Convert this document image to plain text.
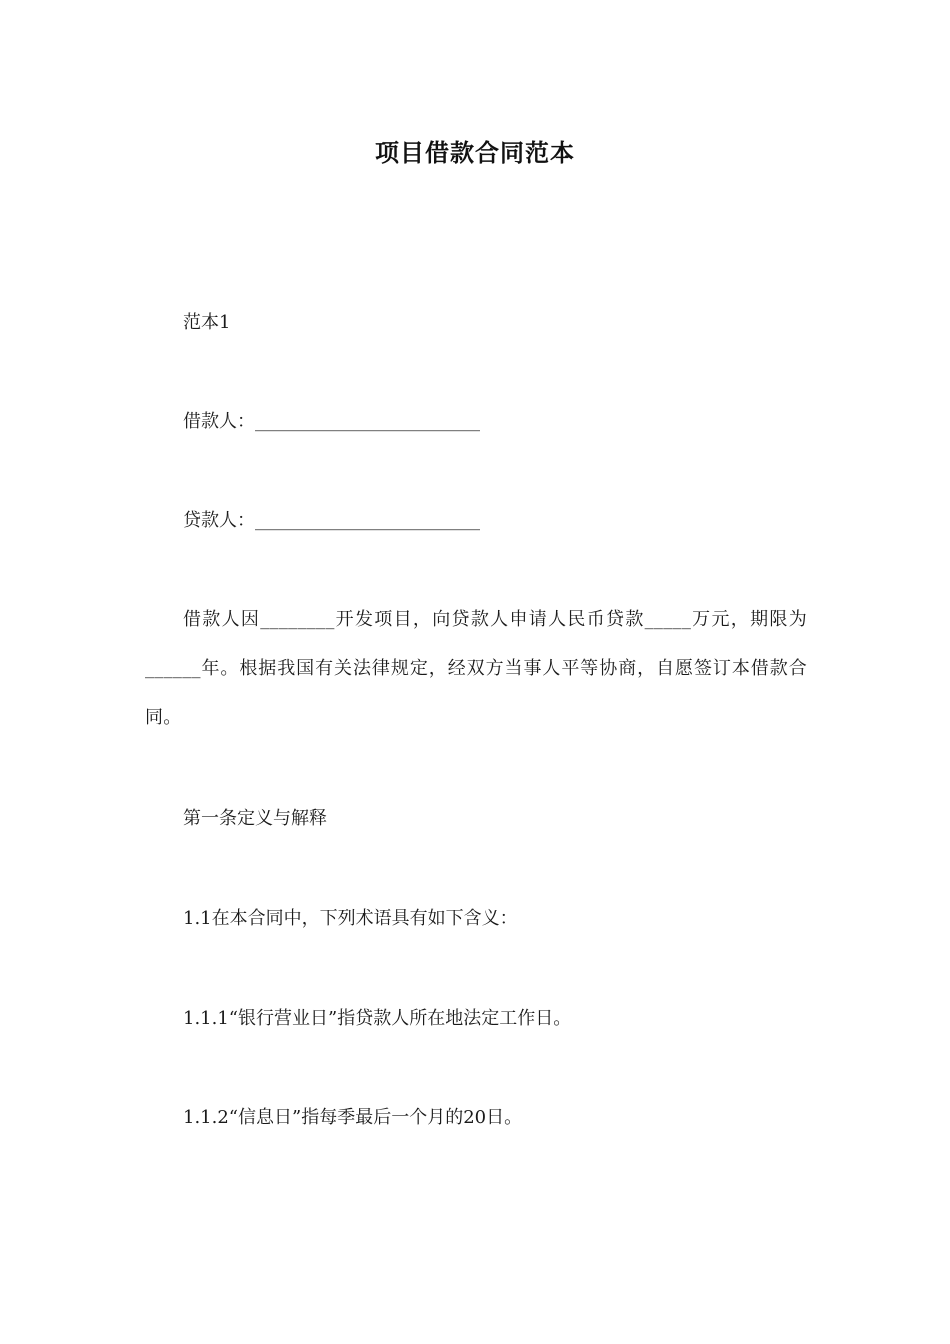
项目借款合同范本
范本1
借款人：_________________________
贷款人：_________________________
借款人因________开发项目，向贷款人申请人民币贷款_____万元，期限为______年。根据我国有关法律规定，经双方当事人平等协商，自愿签订本借款合同。
第一条定义与解释
1.1在本合同中，下列术语具有如下含义：
1.1.1“银行营业日”指贷款人所在地法定工作日。
1.1.2“信息日”指每季最后一个月的20日。
